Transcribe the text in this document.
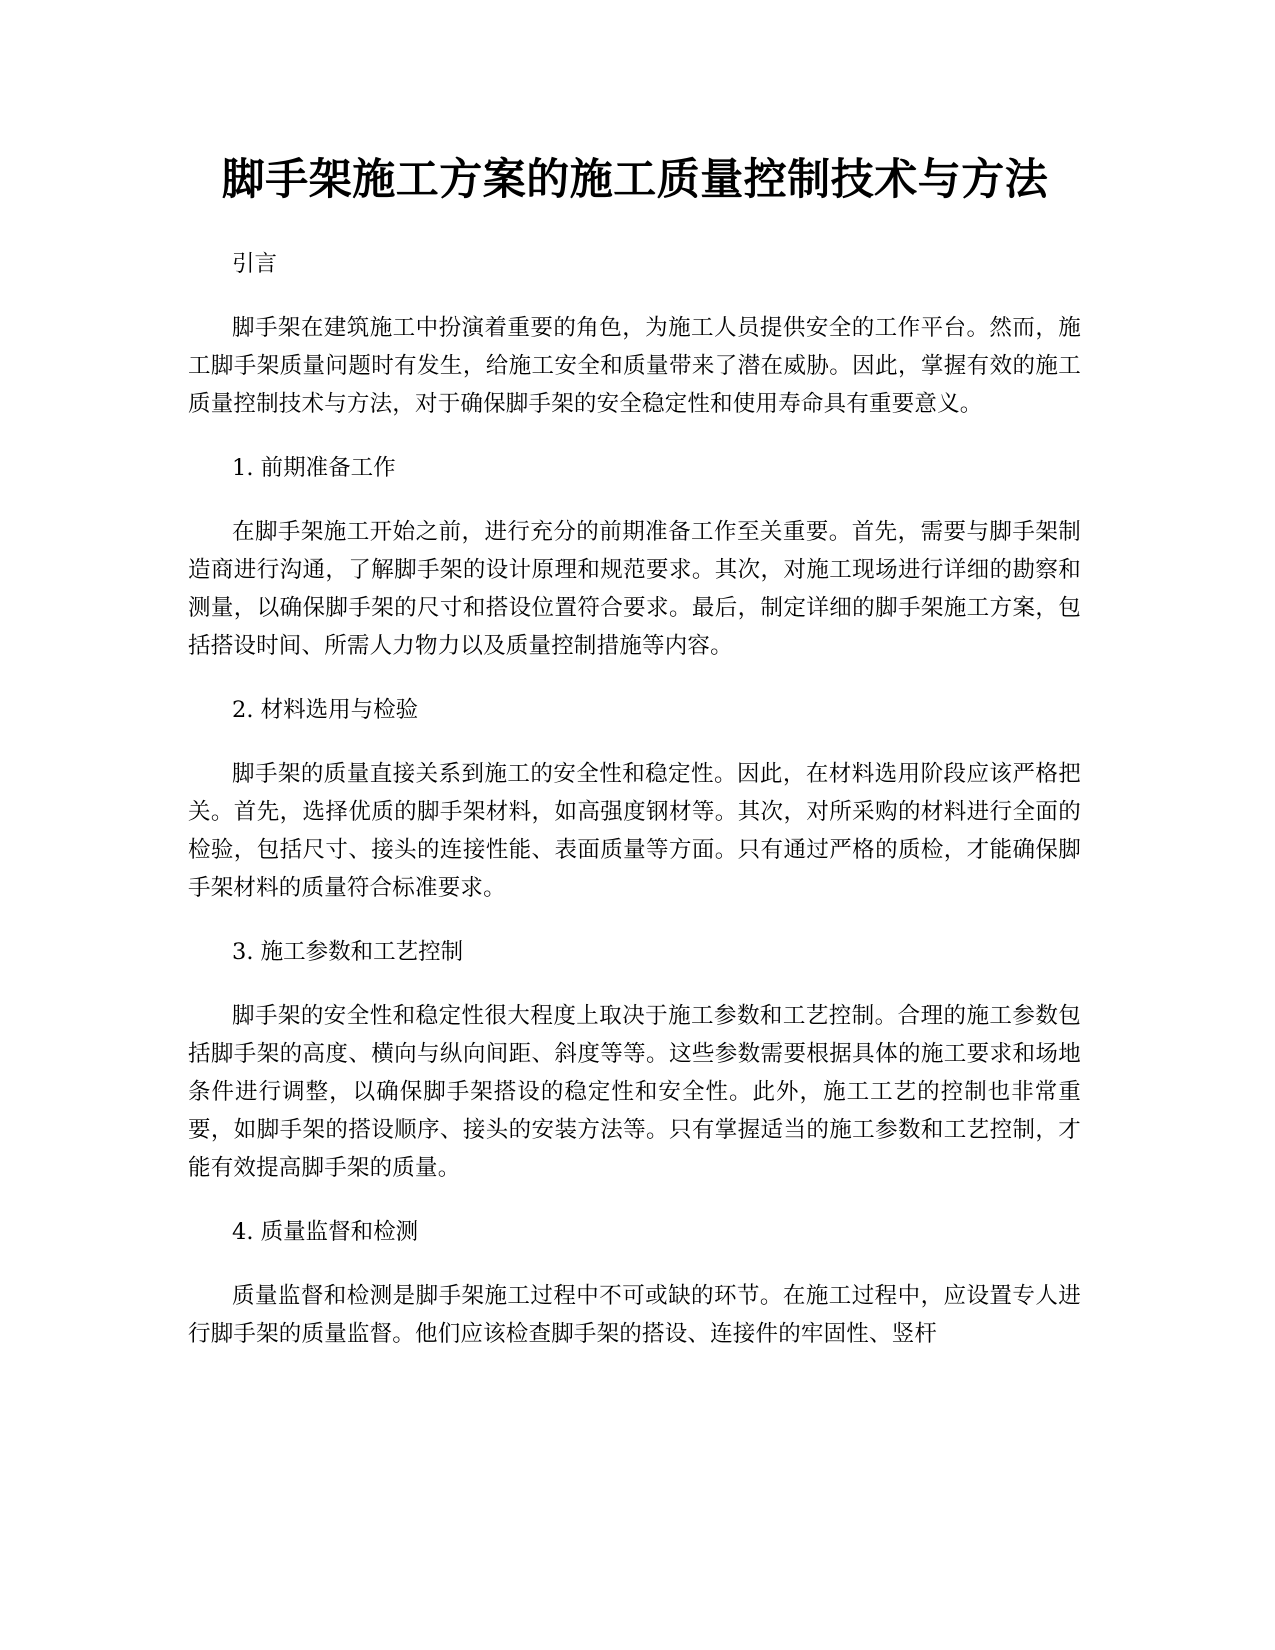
脚手架施工方案的施工质量控制技术与方法
引言
脚手架在建筑施工中扮演着重要的角色，为施工人员提供安全的工作平台。然而，施工脚手架质量问题时有发生，给施工安全和质量带来了潜在威胁。因此，掌握有效的施工质量控制技术与方法，对于确保脚手架的安全稳定性和使用寿命具有重要意义。
1. 前期准备工作
在脚手架施工开始之前，进行充分的前期准备工作至关重要。首先，需要与脚手架制造商进行沟通，了解脚手架的设计原理和规范要求。其次，对施工现场进行详细的勘察和测量，以确保脚手架的尺寸和搭设位置符合要求。最后，制定详细的脚手架施工方案，包括搭设时间、所需人力物力以及质量控制措施等内容。
2. 材料选用与检验
脚手架的质量直接关系到施工的安全性和稳定性。因此，在材料选用阶段应该严格把关。首先，选择优质的脚手架材料，如高强度钢材等。其次，对所采购的材料进行全面的检验，包括尺寸、接头的连接性能、表面质量等方面。只有通过严格的质检，才能确保脚手架材料的质量符合标准要求。
3. 施工参数和工艺控制
脚手架的安全性和稳定性很大程度上取决于施工参数和工艺控制。合理的施工参数包括脚手架的高度、横向与纵向间距、斜度等等。这些参数需要根据具体的施工要求和场地条件进行调整，以确保脚手架搭设的稳定性和安全性。此外，施工工艺的控制也非常重要，如脚手架的搭设顺序、接头的安装方法等。只有掌握适当的施工参数和工艺控制，才能有效提高脚手架的质量。
4. 质量监督和检测
质量监督和检测是脚手架施工过程中不可或缺的环节。在施工过程中，应设置专人进行脚手架的质量监督。他们应该检查脚手架的搭设、连接件的牢固性、竖杆
